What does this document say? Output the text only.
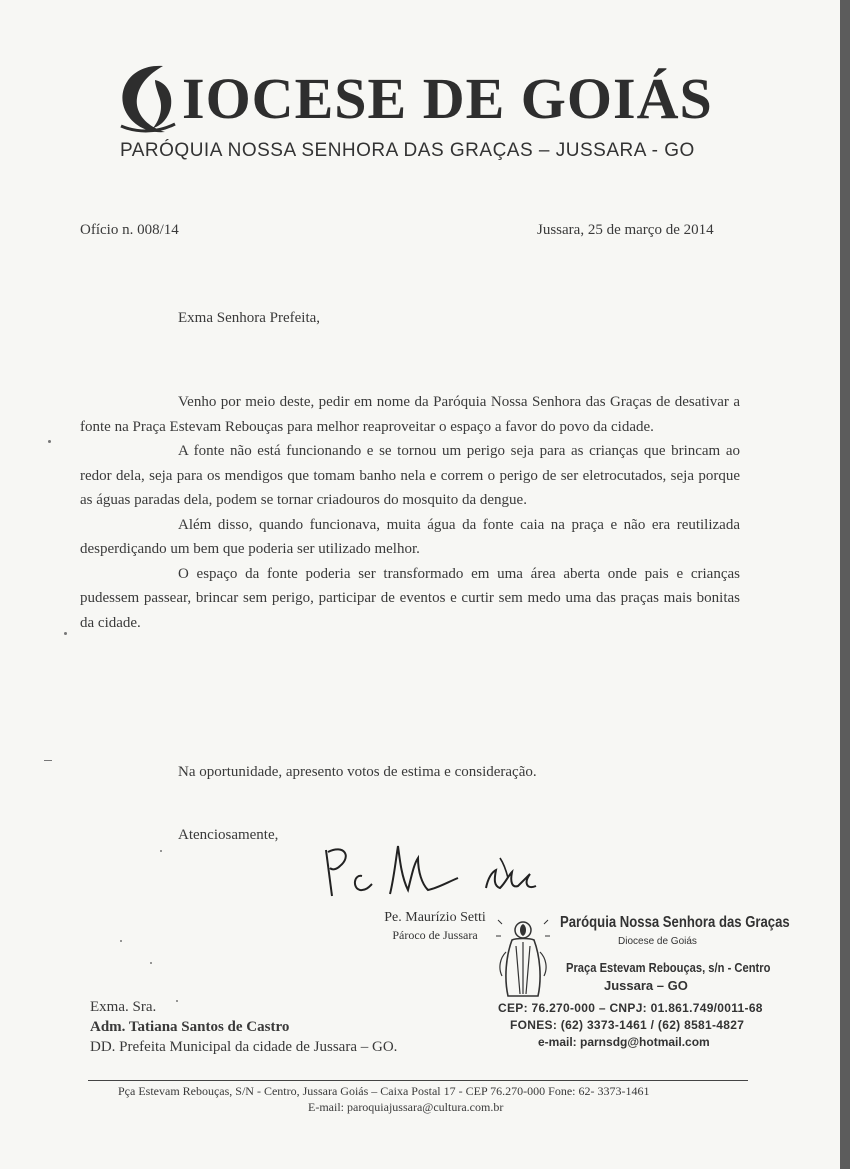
IOCESE DE GOIÁS
PARÓQUIA NOSSA SENHORA DAS GRAÇAS – JUSSARA - GO
Ofício n. 008/14	Jussara, 25 de março de 2014
Exma Senhora Prefeita,

Venho por meio deste, pedir em nome da Paróquia Nossa Senhora das Graças de desativar a fonte na Praça Estevam Rebouças para melhor reaproveitar o espaço a favor do povo da cidade.

A fonte não está funcionando e se tornou um perigo seja para as crianças que brincam ao redor dela, seja para os mendigos que tomam banho nela e correm o perigo de ser eletrocutados, seja porque as águas paradas dela, podem se tornar criadouros do mosquito da dengue.

Além disso, quando funcionava, muita água da fonte caia na praça e não era reutilizada desperdiçando um bem que poderia ser utilizado melhor.

O espaço da fonte poderia ser transformado em uma área aberta onde pais e crianças pudessem passear, brincar sem perigo, participar de eventos e curtir sem medo uma das praças mais bonitas da cidade.

Na oportunidade, apresento votos de estima e consideração.
Atenciosamente,
Pe. Maurízio Setti
Pároco de Jussara
Paróquia Nossa Senhora das Graças
Diocese de Goiás
Praça Estevam Rebouças, s/n - Centro
Jussara – GO
CEP: 76.270-000 – CNPJ: 01.861.749/0011-68
FONES: (62) 3373-1461 / (62) 8581-4827
e-mail: parnsdg@hotmail.com
Exma. Sra.
Adm. Tatiana Santos de Castro
DD. Prefeita Municipal da cidade de Jussara – GO.
Pça Estevam Rebouças, S/N - Centro, Jussara Goiás – Caixa Postal 17 - CEP 76.270-000 Fone: 62- 3373-1461
E-mail: paroquiajussara@cultura.com.br
